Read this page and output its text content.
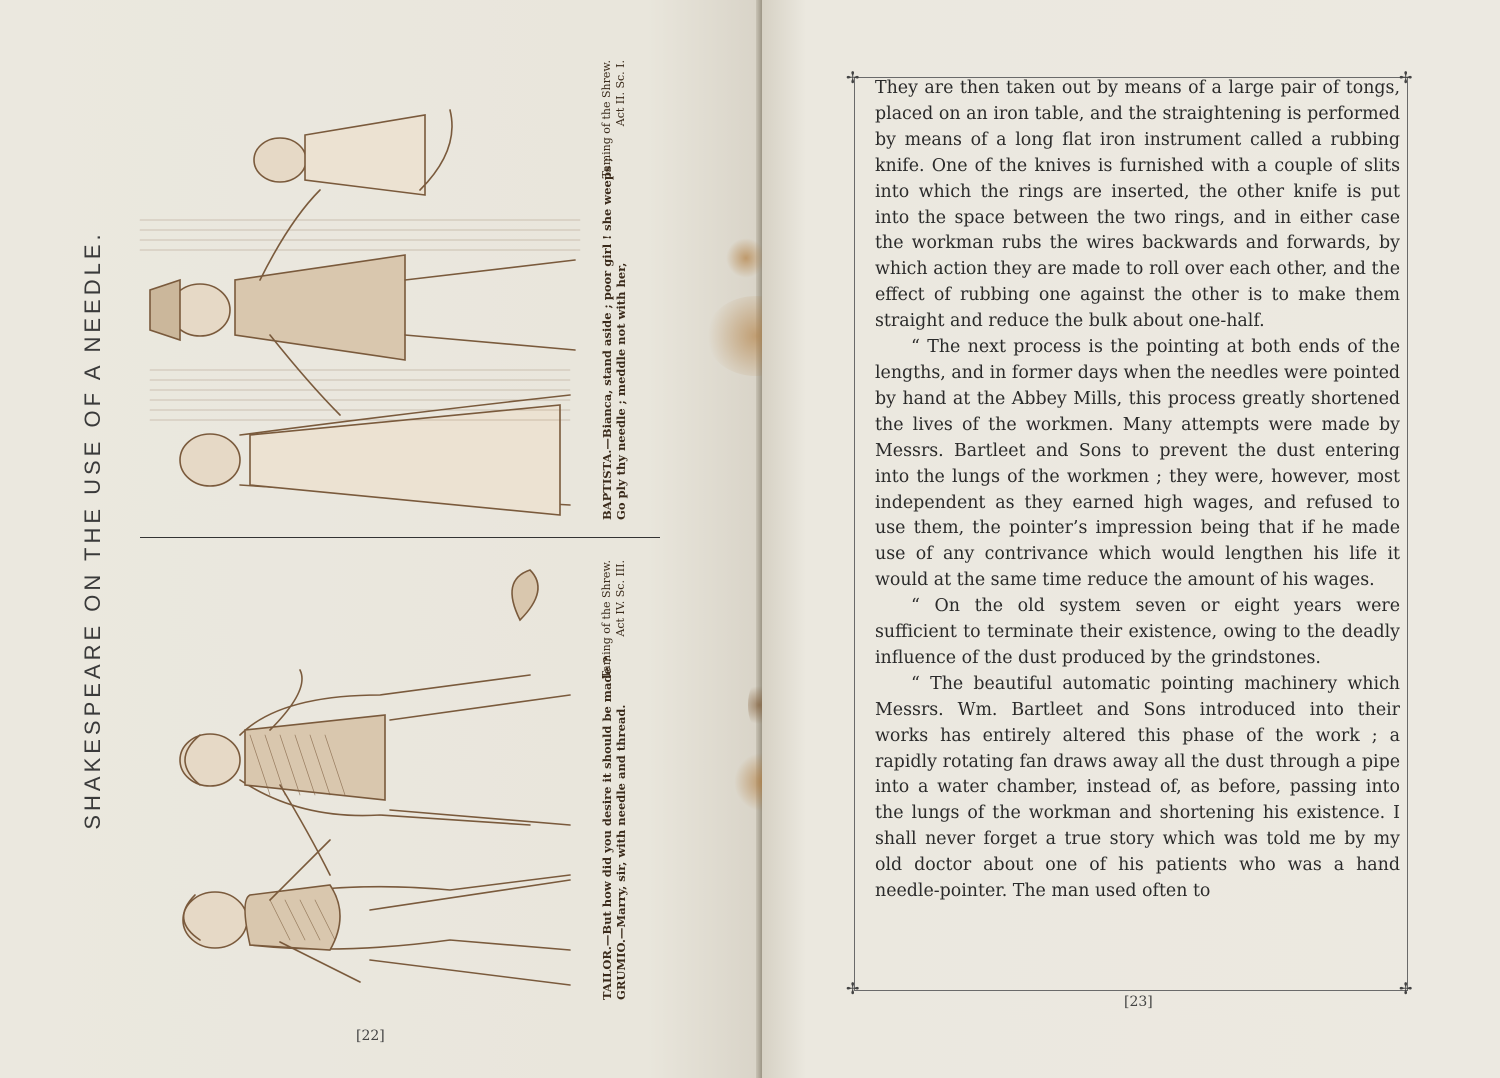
SHAKESPEARE ON THE USE OF A NEEDLE.	TAILOR.—But how did you desire it should be made ? GRUMIO.—Marry, sir, with needle and thread.
Taming of the Shrew. Act IV. Sc. III.
BAPTISTA.—Bianca, stand aside ; poor girl ! she weeps ; Go ply thy needle ; meddle not with her,
Taming of the Shrew. Act II. Sc. I.
[22]
✢	✢
✢	✢

They are then taken out by means of a large pair of tongs, placed on an iron table, and the straightening is performed by means of a long flat iron instrument called a rubbing knife. One of the knives is furnished with a couple of slits into which the rings are inserted, the other knife is put into the space between the two rings, and in either case the workman rubs the wires backwards and forwards, by which action they are made to roll over each other, and the effect of rubbing one against the other is to make them straight and reduce the bulk about one-half.

“ The next process is the pointing at both ends of the lengths, and in former days when the needles were pointed by hand at the Abbey Mills, this process greatly shortened the lives of the workmen. Many attempts were made by Messrs. Bartleet and Sons to prevent the dust entering into the lungs of the workmen ; they were, however, most independent as they earned high wages, and refused to use them, the pointer’s impression being that if he made use of any contrivance which would lengthen his life it would at the same time reduce the amount of his wages.

“ On the old system seven or eight years were sufficient to terminate their existence, owing to the deadly influence of the dust produced by the grindstones.

“ The beautiful automatic pointing machinery which Messrs. Wm. Bartleet and Sons introduced into their works has entirely altered this phase of the work ; a rapidly rotating fan draws away all the dust through a pipe into a water chamber, instead of, as before, passing into the lungs of the workman and shortening his existence. I shall never forget a true story which was told me by my old doctor about one of his patients who was a hand needle-pointer. The man used often to

[23]
